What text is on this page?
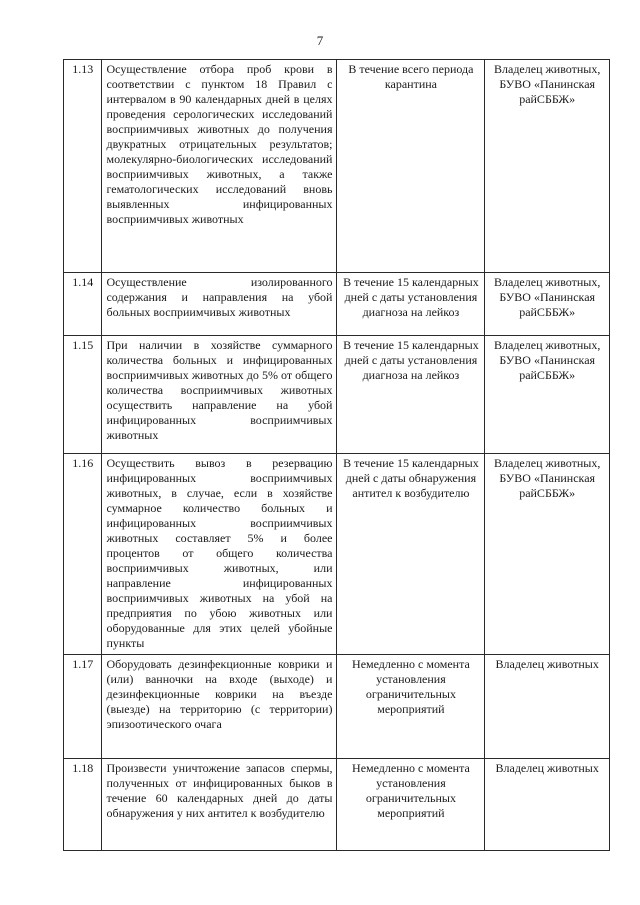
7
1.13	Осуществление отбора проб крови в соответствии с пунктом 18 Правил с интервалом в 90 календарных дней в целях проведения серологических исследований восприимчивых животных до получения двукратных отрицательных результатов; молекулярно-биологических исследований восприимчивых животных, а также гематологических исследований вновь выявленных инфицированных восприимчивых животных	В течение всего периода карантина	Владелец животных, БУВО «Панинская райСББЖ»
1.14	Осуществление изолированного содержания и направления на убой больных восприимчивых животных	В течение 15 календарных дней с даты установления диагноза на лейкоз	Владелец животных, БУВО «Панинская райСББЖ»
1.15	При наличии в хозяйстве суммарного количества больных и инфицированных восприимчивых животных до 5% от общего количества восприимчивых животных осуществить направление на убой инфицированных восприимчивых животных	В течение 15 календарных дней с даты установления диагноза на лейкоз	Владелец животных, БУВО «Панинская райСББЖ»
1.16	Осуществить вывоз в резервацию инфицированных восприимчивых животных, в случае, если в хозяйстве суммарное количество больных и инфицированных восприимчивых животных составляет 5% и более процентов от общего количества восприимчивых животных, или направление инфицированных восприимчивых животных на убой на предприятия по убою животных или оборудованные для этих целей убойные пункты	В течение 15 календарных дней с даты обнаружения антител к возбудителю	Владелец животных, БУВО «Панинская райСББЖ»
1.17	Оборудовать дезинфекционные коврики и (или) ванночки на входе (выходе) и дезинфекционные коврики на въезде (выезде) на территорию (с территории) эпизоотического очага	Немедленно с момента установления ограничительных мероприятий	Владелец животных
1.18	Произвести уничтожение запасов спермы, полученных от инфицированных быков в течение 60 календарных дней до даты обнаружения у них антител к возбудителю	Немедленно с момента установления ограничительных мероприятий	Владелец животных
